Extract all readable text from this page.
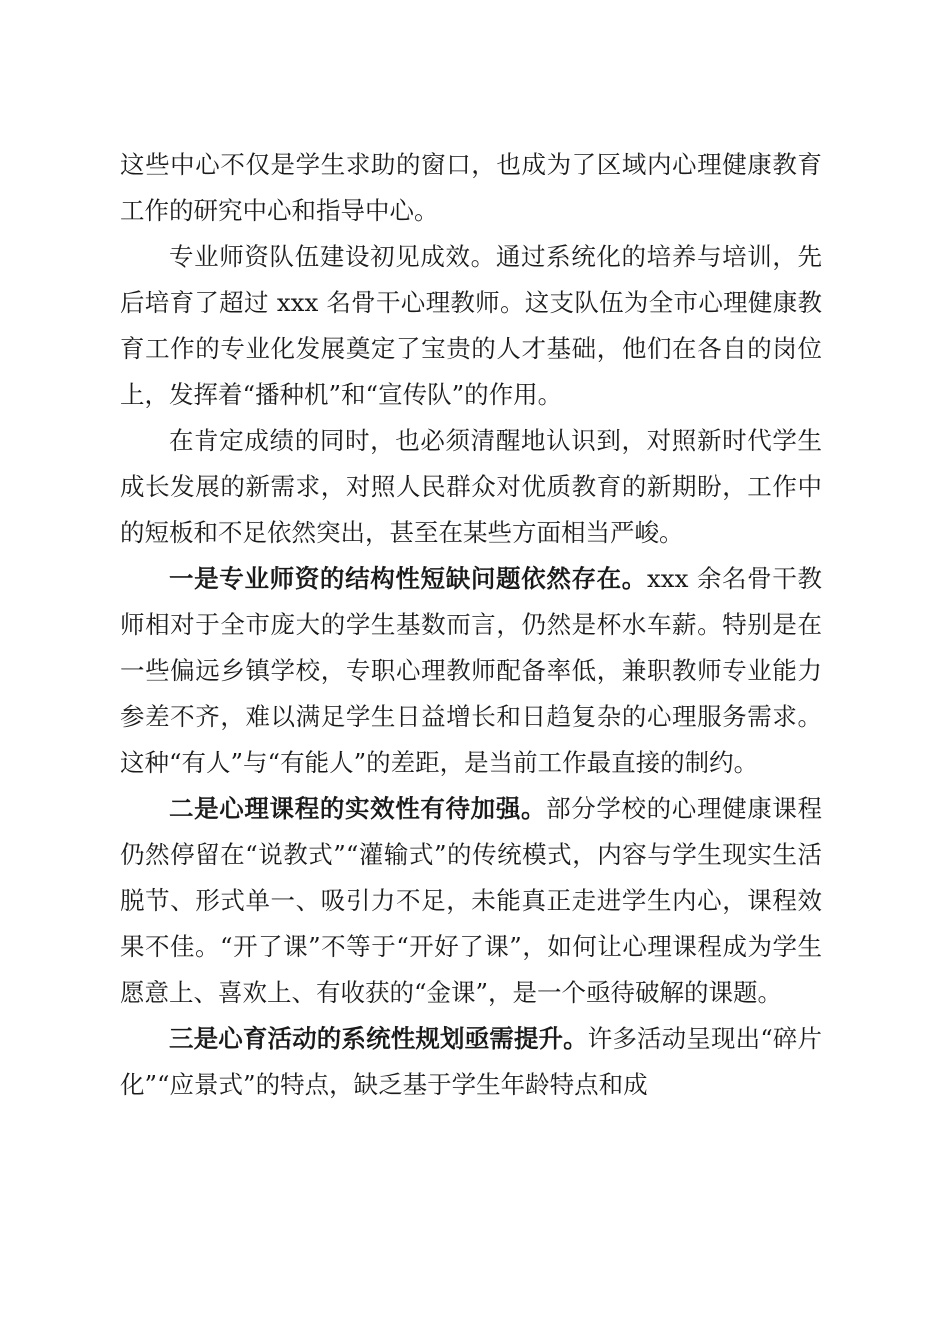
这些中心不仅是学生求助的窗口，也成为了区域内心理健康教育工作的研究中心和指导中心。

专业师资队伍建设初见成效。通过系统化的培养与培训，先后培育了超过 xxx 名骨干心理教师。这支队伍为全市心理健康教育工作的专业化发展奠定了宝贵的人才基础，他们在各自的岗位上，发挥着“播种机”和“宣传队”的作用。

在肯定成绩的同时，也必须清醒地认识到，对照新时代学生成长发展的新需求，对照人民群众对优质教育的新期盼，工作中的短板和不足依然突出，甚至在某些方面相当严峻。

一是专业师资的结构性短缺问题依然存在。xxx 余名骨干教师相对于全市庞大的学生基数而言，仍然是杯水车薪。特别是在一些偏远乡镇学校，专职心理教师配备率低，兼职教师专业能力参差不齐，难以满足学生日益增长和日趋复杂的心理服务需求。这种“有人”与“有能人”的差距，是当前工作最直接的制约。

二是心理课程的实效性有待加强。部分学校的心理健康课程仍然停留在“说教式”“灌输式”的传统模式，内容与学生现实生活脱节、形式单一、吸引力不足，未能真正走进学生内心，课程效果不佳。“开了课”不等于“开好了课”，如何让心理课程成为学生愿意上、喜欢上、有收获的“金课”，是一个亟待破解的课题。

三是心育活动的系统性规划亟需提升。许多活动呈现出“碎片化”“应景式”的特点，缺乏基于学生年龄特点和成
